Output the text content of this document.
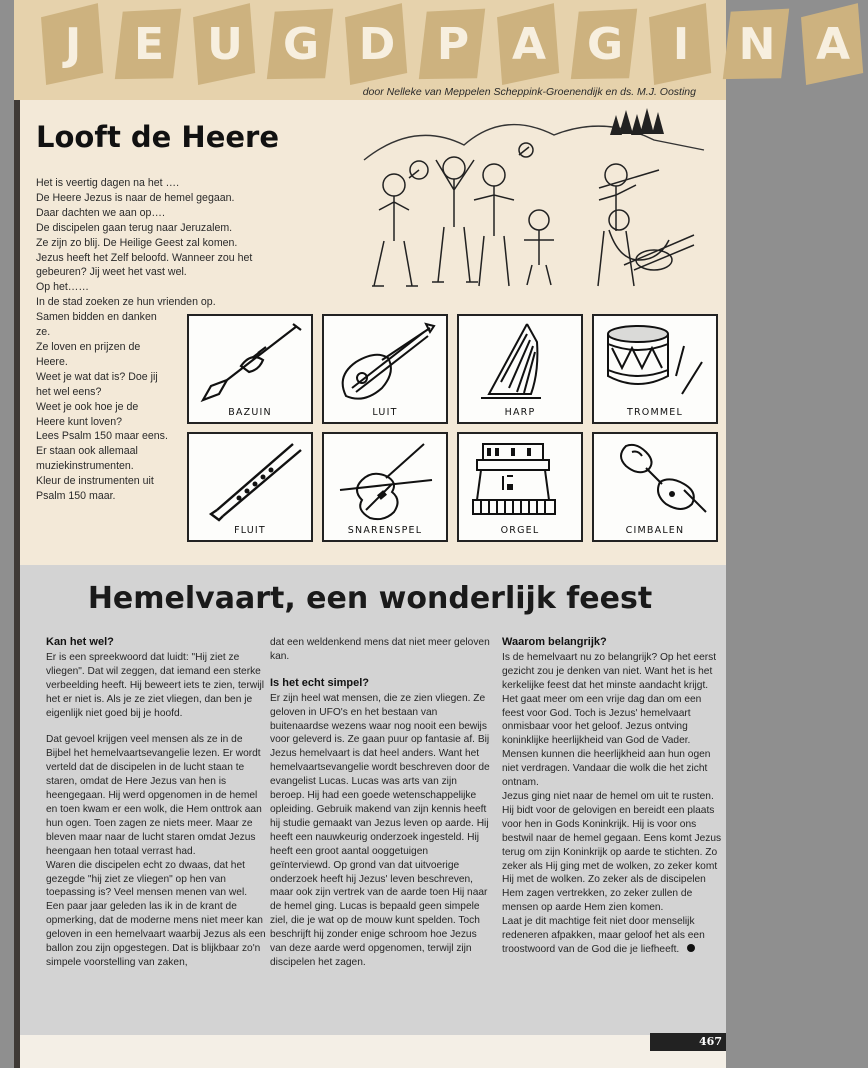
J E U G D P A G I N A
door Nelleke van Meppelen Scheppink-Groenendijk en ds. M.J. Oosting
Looft de Heere
Het is veertig dagen na het ….
De Heere Jezus is naar de hemel gegaan.
Daar dachten we aan op….
De discipelen gaan terug naar Jeruzalem.
Ze zijn zo blij. De Heilige Geest zal komen.
Jezus heeft het Zelf beloofd. Wanneer zou het
gebeuren? Jij weet het vast wel.
Op het……
In de stad zoeken ze hun vrienden op.
Samen bidden en danken
ze.
Ze loven en prijzen de
Heere.
Weet je wat dat is? Doe jij
het wel eens?
Weet je ook hoe je de
Heere kunt loven?
Lees Psalm 150 maar eens.
Er staan ook allemaal
muziekinstrumenten.
Kleur de instrumenten uit
Psalm 150 maar.
BAZUIN	LUIT	HARP	TROMMEL
FLUIT	SNARENSPEL	ORGEL	CIMBALEN
Hemelvaart, een wonderlijk feest
Kan het wel?

Er is een spreekwoord dat luidt: "Hij ziet ze vliegen". Dat wil zeggen, dat iemand een sterke verbeelding heeft. Hij beweert iets te zien, terwijl het er niet is. Als je ze ziet vliegen, dan ben je eigenlijk niet goed bij je hoofd.

Dat gevoel krijgen veel mensen als ze in de Bijbel het hemelvaartsevangelie lezen. Er wordt verteld dat de discipelen in de lucht staan te staren, omdat de Here Jezus van hen is heengegaan. Hij werd opgenomen in de hemel en toen kwam er een wolk, die Hem onttrok aan hun ogen. Toen zagen ze niets meer. Maar ze bleven maar naar de lucht staren omdat Jezus heengaan hen totaal verrast had.
Waren die discipelen echt zo dwaas, dat het gezegde "hij ziet ze vliegen" op hen van toepassing is? Veel mensen menen van wel. Een paar jaar geleden las ik in de krant de opmerking, dat de moderne mens niet meer kan geloven in een hemelvaart waarbij Jezus als een ballon zou zijn opgestegen. Dat is blijkbaar zo'n simpele voorstelling van zaken,

dat een weldenkend mens dat niet meer geloven kan.

Is het echt simpel?

Er zijn heel wat mensen, die ze zien vliegen. Ze geloven in UFO's en het bestaan van buitenaardse wezens waar nog nooit een bewijs voor geleverd is. Ze gaan puur op fantasie af. Bij Jezus hemelvaart is dat heel anders. Want het hemelvaartsevangelie wordt beschreven door de evangelist Lucas. Lucas was arts van zijn beroep. Hij had een goede wetenschappelijke opleiding. Gebruik makend van zijn kennis heeft hij studie gemaakt van Jezus leven op aarde. Hij heeft een nauwkeurig onderzoek ingesteld. Hij heeft een groot aantal ooggetuigen geïnterviewd. Op grond van dat uitvoerige onderzoek heeft hij Jezus' leven beschreven, maar ook zijn vertrek van de aarde toen Hij naar de hemel ging. Lucas is bepaald geen simpele ziel, die je wat op de mouw kunt spelden. Toch beschrijft hij zonder enige schroom hoe Jezus van deze aarde werd opgenomen, terwijl zijn discipelen het zagen.

Waarom belangrijk?

Is de hemelvaart nu zo belangrijk? Op het eerst gezicht zou je denken van niet. Want het is het kerkelijke feest dat het minste aandacht krijgt. Het gaat meer om een vrije dag dan om een feest voor God. Toch is Jezus' hemelvaart onmisbaar voor het geloof. Jezus ontving koninklijke heerlijkheid van God de Vader. Mensen kunnen die heerlijkheid aan hun ogen niet verdragen. Vandaar die wolk die het zicht ontnam.
Jezus ging niet naar de hemel om uit te rusten. Hij bidt voor de gelovigen en bereidt een plaats voor hen in Gods Koninkrijk. Hij is voor ons bestwil naar de hemel gegaan. Eens komt Jezus terug om zijn Koninkrijk op aarde te stichten. Zo zeker als Hij ging met de wolken, zo zeker komt Hij met de wolken. Zo zeker als de discipelen Hem zagen vertrekken, zo zeker zullen de mensen op aarde Hem zien komen.
Laat je dit machtige feit niet door menselijk redeneren afpakken, maar geloof het als een troostwoord van de God die je liefheeft.

467
